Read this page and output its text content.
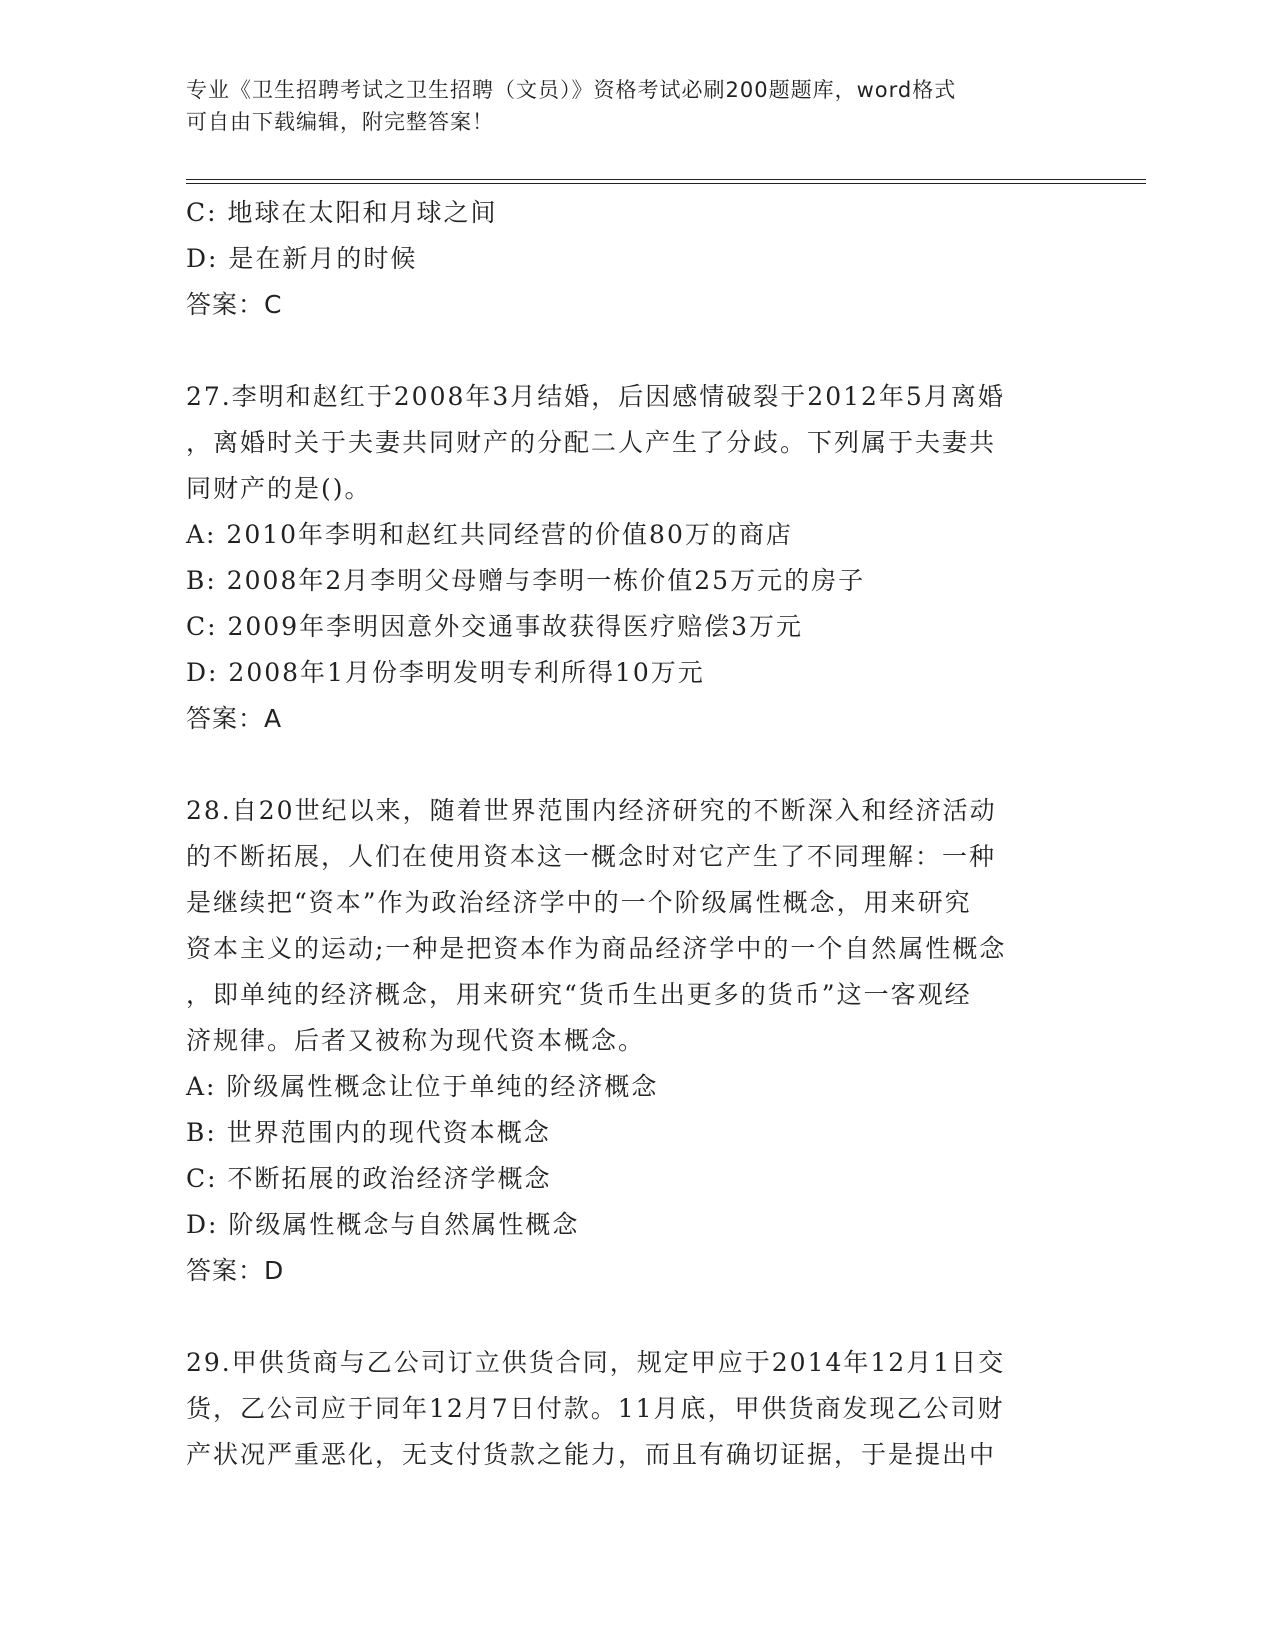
专业《卫生招聘考试之卫生招聘（文员）》资格考试必刷200题题库，word格式
可自由下载编辑，附完整答案！
C: 地球在太阳和月球之间
D: 是在新月的时候
答案：C
27.李明和赵红于2008年3月结婚，后因感情破裂于2012年5月离婚
，离婚时关于夫妻共同财产的分配二人产生了分歧。下列属于夫妻共
同财产的是()。
A: 2010年李明和赵红共同经营的价值80万的商店
B: 2008年2月李明父母赠与李明一栋价值25万元的房子
C: 2009年李明因意外交通事故获得医疗赔偿3万元
D: 2008年1月份李明发明专利所得10万元
答案：A
28.自20世纪以来，随着世界范围内经济研究的不断深入和经济活动
的不断拓展，人们在使用资本这一概念时对它产生了不同理解：一种
是继续把“资本”作为政治经济学中的一个阶级属性概念，用来研究
资本主义的运动;一种是把资本作为商品经济学中的一个自然属性概念
，即单纯的经济概念，用来研究“货币生出更多的货币”这一客观经
济规律。后者又被称为现代资本概念。
A: 阶级属性概念让位于单纯的经济概念
B: 世界范围内的现代资本概念
C: 不断拓展的政治经济学概念
D: 阶级属性概念与自然属性概念
答案：D
29.甲供货商与乙公司订立供货合同，规定甲应于2014年12月1日交
货，乙公司应于同年12月7日付款。11月底，甲供货商发现乙公司财
产状况严重恶化，无支付货款之能力，而且有确切证据，于是提出中
